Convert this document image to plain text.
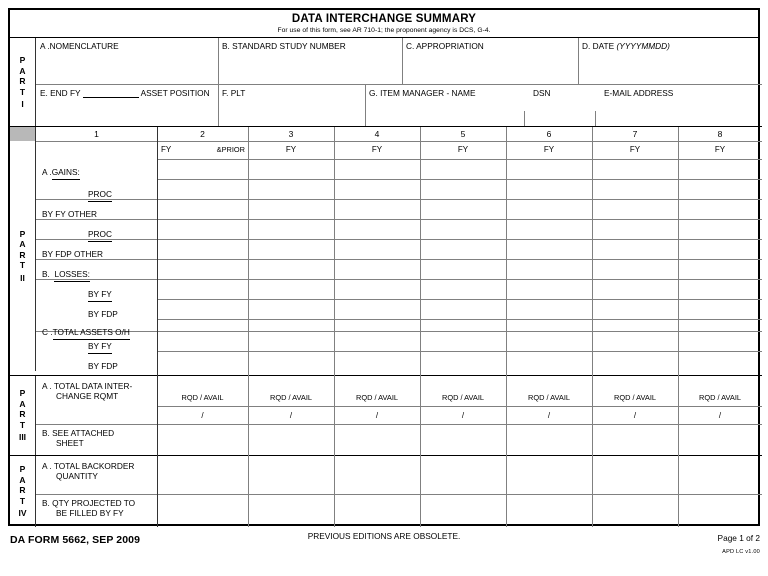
DATA INTERCHANGE SUMMARY
For use of this form, see AR 710-1; the proponent agency is DCS, G-4.
P
A
R
T
I
A .NOMENCLATURE	B. STANDARD STUDY NUMBER	C. APPROPRIATION	D. DATE (YYYYMMDD)
E. END FY	ASSET POSITION	F. PLT	G. ITEM MANAGER - NAME	DSN	E-MAIL ADDRESS
1	2	3	4	5	6	7	8
FY	&PRIOR	FY	FY	FY	FY	FY	FY
P
A
R
T
II
A .GAINS:
PROC
BY FY OTHER
PROC
BY FDP OTHER
B.  LOSSES:
BY FY
BY FDP
C .TOTAL ASSETS O/H
BY FY
BY FDP
P
A
R
T
III
A . TOTAL DATA INTER-
CHANGE RQMT	RQD / AVAIL	RQD / AVAIL	RQD / AVAIL	RQD / AVAIL	RQD / AVAIL	RQD / AVAIL	RQD / AVAIL
/	/	/	/	/	/	/
B. SEE ATTACHED
SHEET
P
A
R
T
IV
A . TOTAL BACKORDER
QUANTITY
B. QTY PROJECTED TO
BE FILLED BY FY
DA FORM 5662, SEP 2009	PREVIOUS EDITIONS ARE OBSOLETE.	Page 1 of 2
APD LC v1.00
